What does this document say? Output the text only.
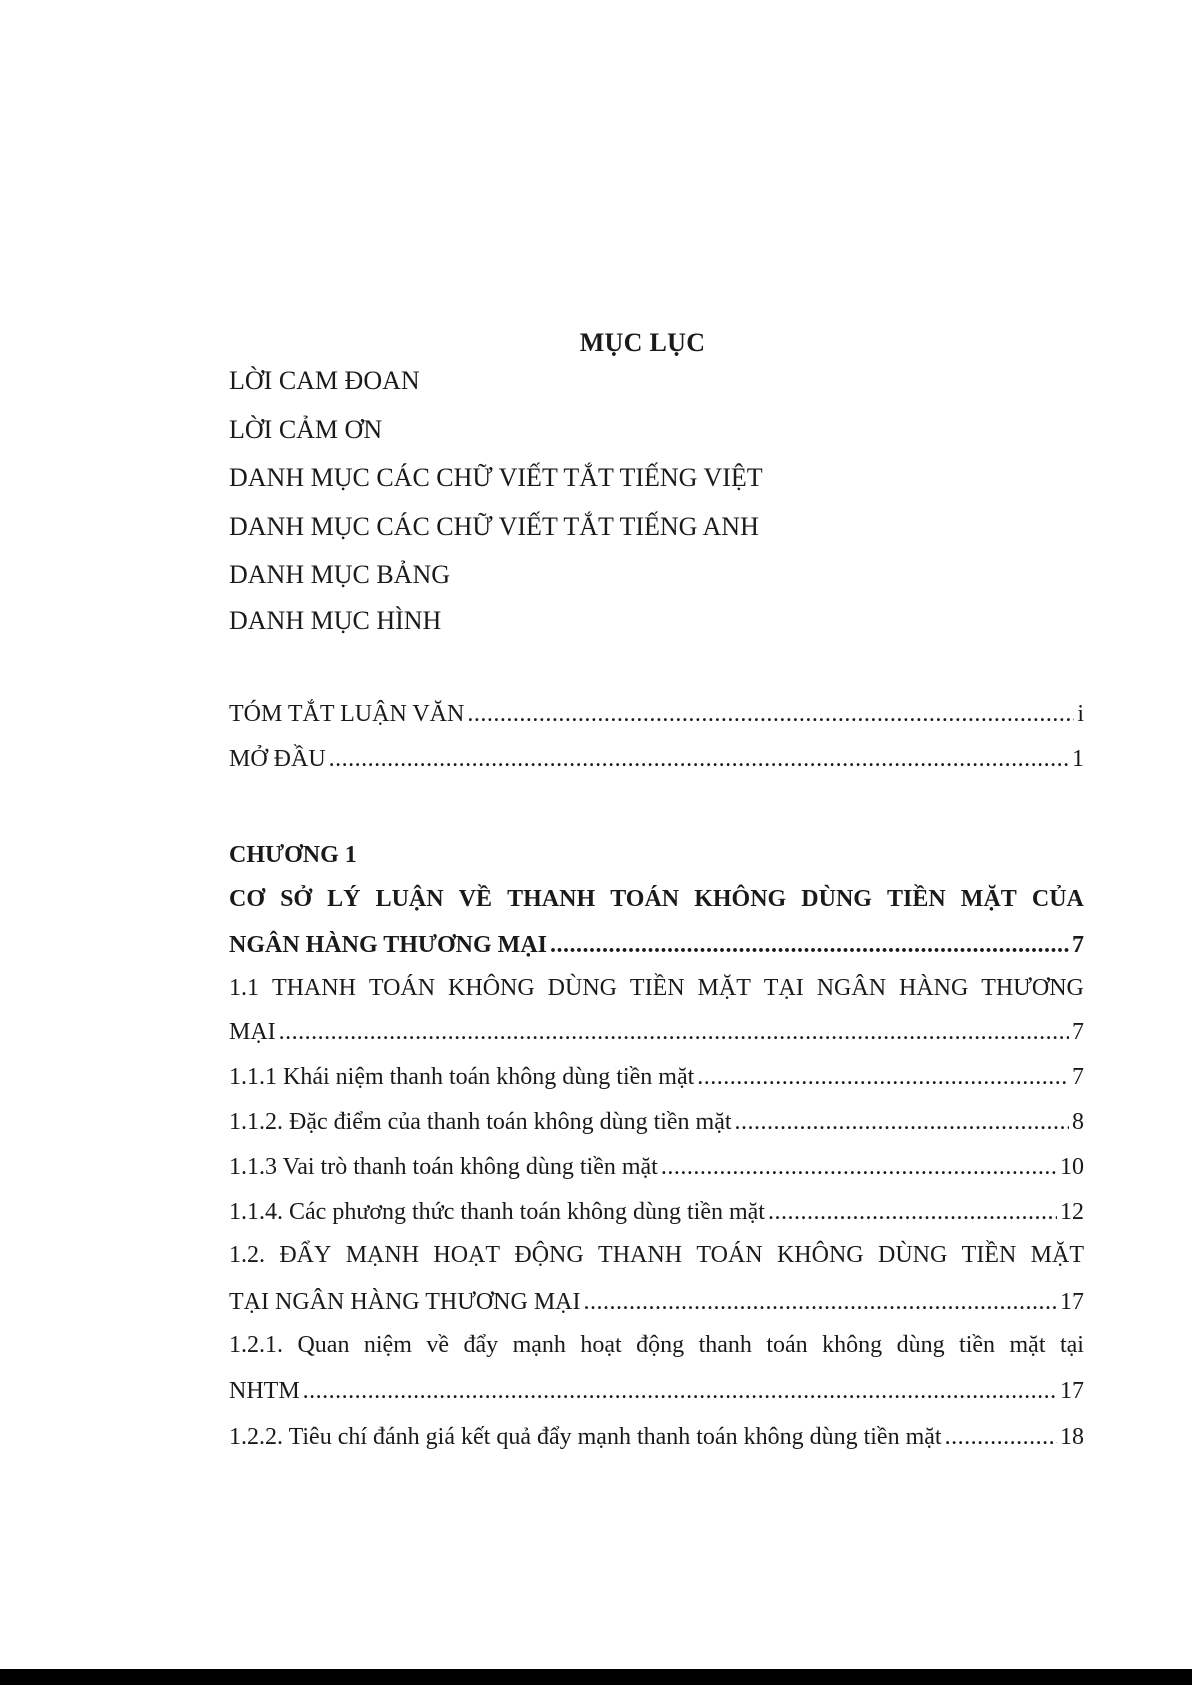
MỤC LỤC
LỜI CAM ĐOAN
LỜI CẢM ƠN
DANH MỤC CÁC CHỮ VIẾT TẮT TIẾNG VIỆT
DANH MỤC CÁC CHỮ VIẾT TẮT TIẾNG ANH
DANH MỤC BẢNG
DANH MỤC HÌNH
TÓM TẮT LUẬN VĂN .....	i
MỞ ĐẦU .....	1
CHƯƠNG 1
CƠ SỞ LÝ LUẬN VỀ THANH TOÁN KHÔNG DÙNG TIỀN MẶT CỦA
NGÂN HÀNG THƯƠNG MẠI .....	7
1.1 THANH TOÁN KHÔNG DÙNG TIỀN MẶT TẠI NGÂN HÀNG THƯƠNG
MẠI .....	7
1.1.1 Khái niệm thanh toán không dùng tiền mặt .....	7
1.1.2. Đặc điểm của thanh toán không dùng tiền mặt .....	8
1.1.3 Vai trò thanh toán không dùng tiền mặt .....	10
1.1.4. Các phương thức thanh toán không dùng tiền mặt .....	12
1.2. ĐẨY MẠNH HOẠT ĐỘNG THANH TOÁN KHÔNG DÙNG TIỀN MẶT
TẠI NGÂN HÀNG THƯƠNG MẠI .....	17
1.2.1. Quan niệm về đẩy mạnh hoạt động thanh toán không dùng tiền mặt tại
NHTM .....	17
1.2.2. Tiêu chí đánh giá kết quả đẩy mạnh thanh toán không dùng tiền mặt .....	18
